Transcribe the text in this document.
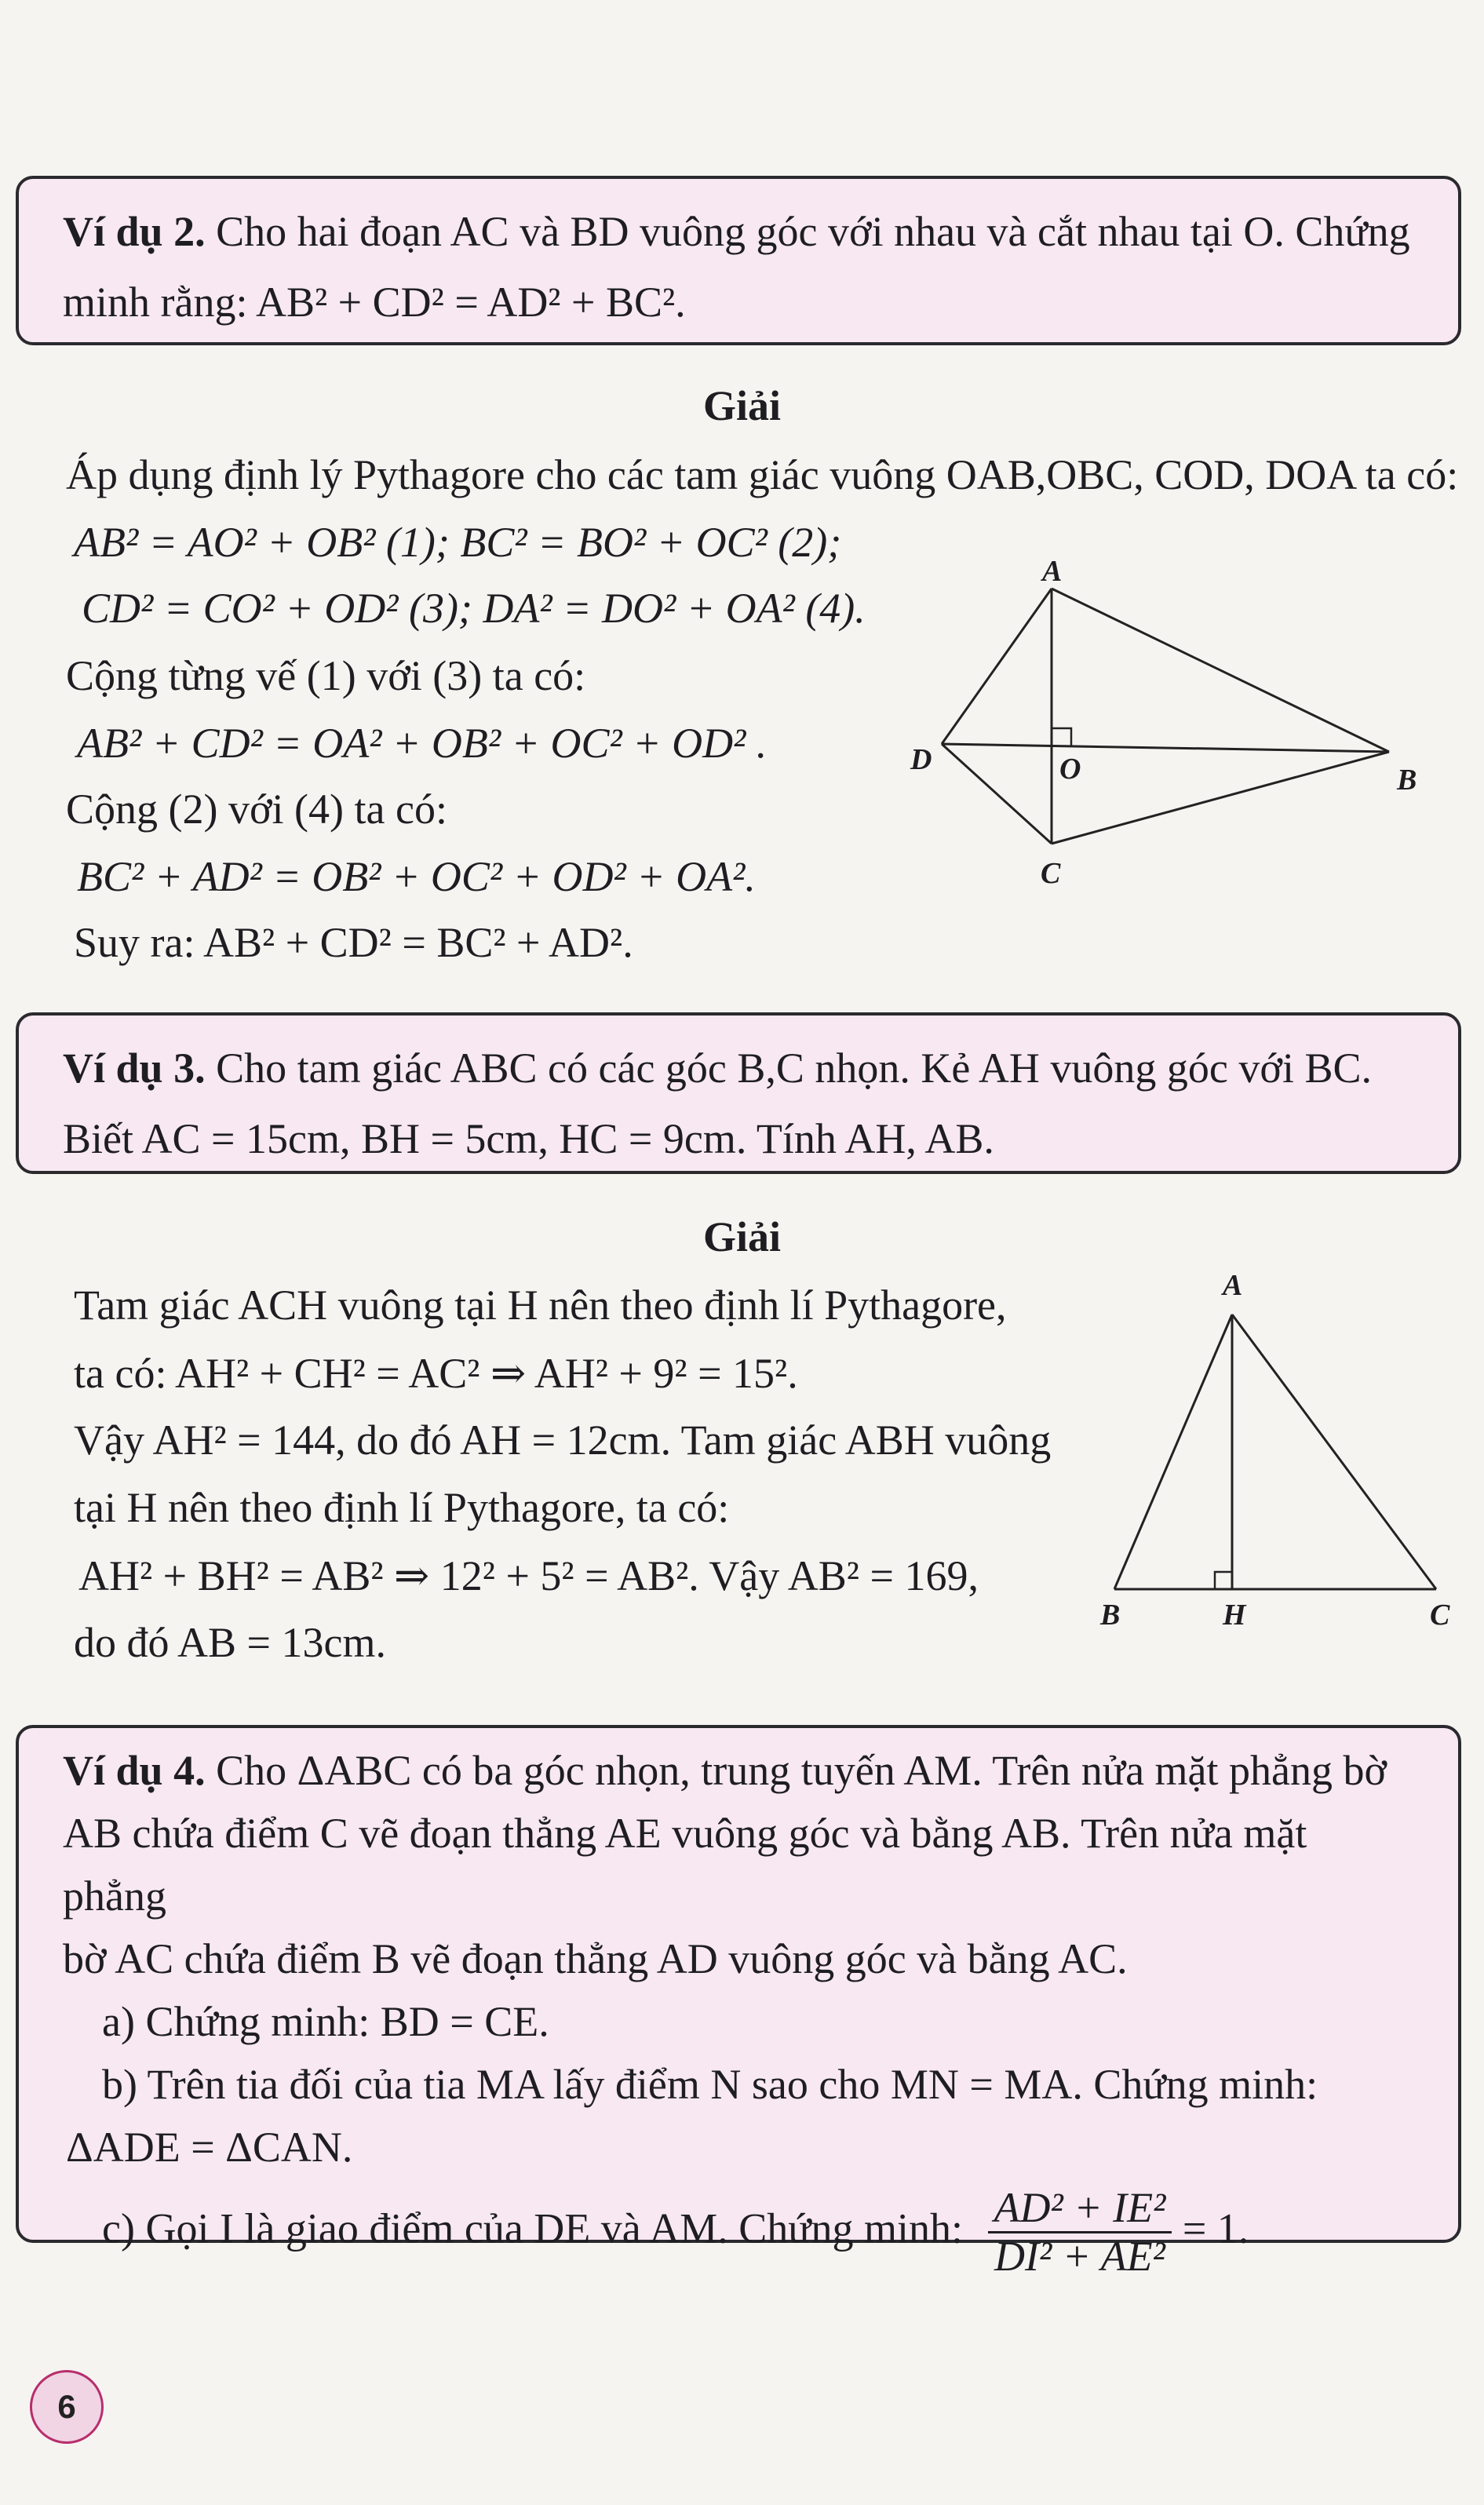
Ví dụ 2. Cho hai đoạn AC và BD vuông góc với nhau và cắt nhau tại O. Chứng
minh rằng: AB² + CD² = AD² + BC².
Giải
Áp dụng định lý Pythagore cho các tam giác vuông OAB,OBC, COD, DOA ta có:
AB² = AO² + OB² (1); BC² = BO² + OC² (2);
CD² = CO² + OD² (3); DA² = DO² + OA² (4).
Cộng từng vế (1) với (3) ta có:
AB² + CD² = OA² + OB² + OC² + OD² .
Cộng (2) với (4) ta có:
BC² + AD² = OB² + OC² + OD² + OA².
Suy ra: AB² + CD² = BC² + AD².
A
D	O	B
C
Ví dụ 3. Cho tam giác ABC có các góc B,C nhọn. Kẻ AH vuông góc với BC.
Biết AC = 15cm, BH = 5cm, HC = 9cm. Tính AH, AB.
Giải
Tam giác ACH vuông tại H nên theo định lí Pythagore,
ta có: AH² + CH² = AC² ⇒ AH² + 9² = 15².
Vậy AH² = 144, do đó AH = 12cm. Tam giác ABH vuông
tại H nên theo định lí Pythagore, ta có:
AH² + BH² = AB² ⇒ 12² + 5² = AB². Vậy AB² = 169,
do đó AB = 13cm.
A
B	H	C
Ví dụ 4. Cho ΔABC có ba góc nhọn, trung tuyến AM. Trên nửa mặt phẳng bờ
AB chứa điểm C vẽ đoạn thẳng AE vuông góc và bằng AB. Trên nửa mặt phẳng
bờ AC chứa điểm B vẽ đoạn thẳng AD vuông góc và bằng AC.
a) Chứng minh: BD = CE.
b) Trên tia đối của tia MA lấy điểm N sao cho MN = MA. Chứng minh:
ΔADE = ΔCAN.
c) Gọi I là giao điểm của DE và AM. Chứng minh: $\frac{\text{AD² + IE²}}{\text{DI² + AE²}} = 1$.
6
